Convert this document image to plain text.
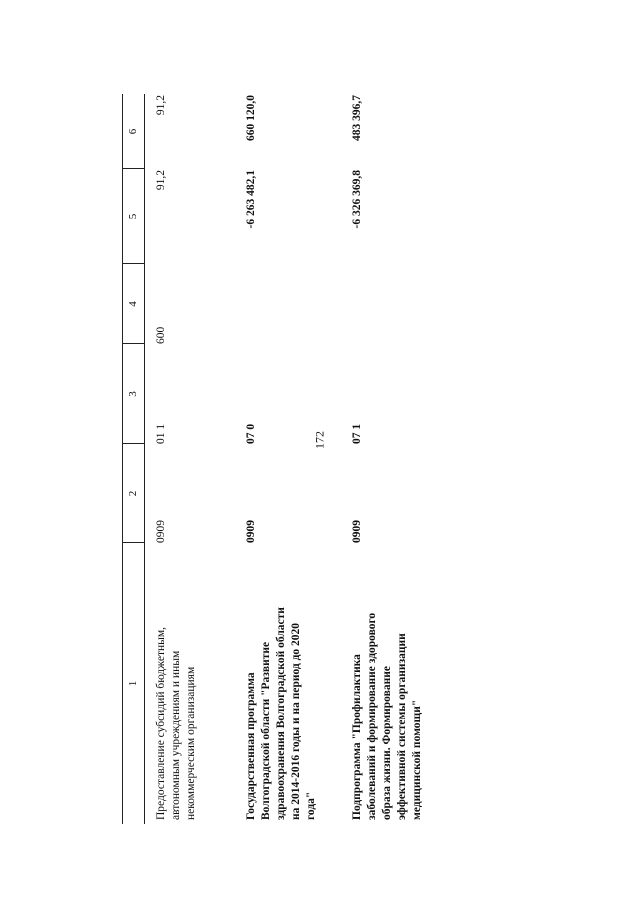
172
1
2
3
4
5
6
Предоставление субсидий бюджетным, автономным учреждениям и иным некоммерческим организациям
0909
01 1
600
91,2
91,2
Государственная программа Волгоградской области "Развитие здравоохранения Волгоградской области на 2014-2016 годы и на период до 2020 года"
0909
07 0
-6 263 482,1
660 120,0
Подпрограмма "Профилактика заболеваний и формирование здорового образа жизни. Формирование эффективной системы организации медицинской помощи"
0909
07 1
-6 326 369,8
483 396,7
